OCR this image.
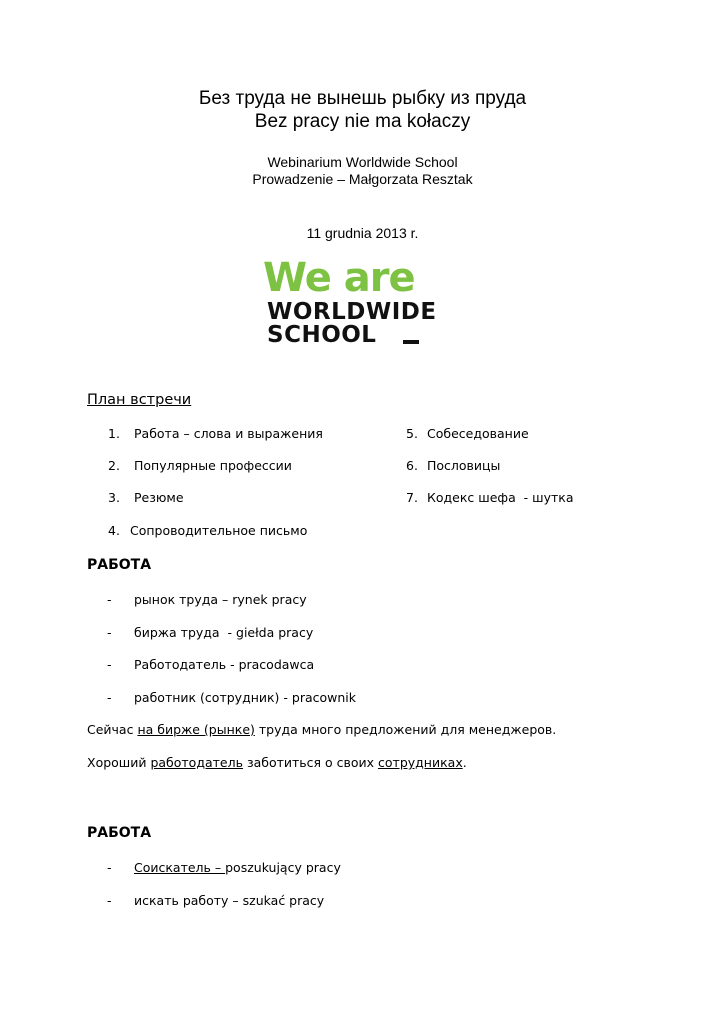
Без труда не вынешь рыбку из пруда
Bez pracy nie ma kołaczy
Webinarium Worldwide School
Prowadzenie – Małgorzata Resztak
11 grudnia 2013 r.
We are
WORLDWIDE
SCHOOL
План встречи
1. Работа – слова и выражения
2. Популярные профессии
3. Резюме
4. Сопроводительное письмо
5. Собеседование
6. Пословицы
7. Кодекс шефа  - шутка
РАБОТА
- рынок труда – rynek pracy
- биржа труда  - giełda pracy
- Работодатель - pracodawca
- работник (сотрудник) - pracownik
Сейчас на бирже (рынке) труда много предложений для менеджеров.
Хороший работодатель заботиться о своих сотрудниках.
РАБОТА
- Соискатель – poszukujący pracy
- искать работу – szukać pracy
